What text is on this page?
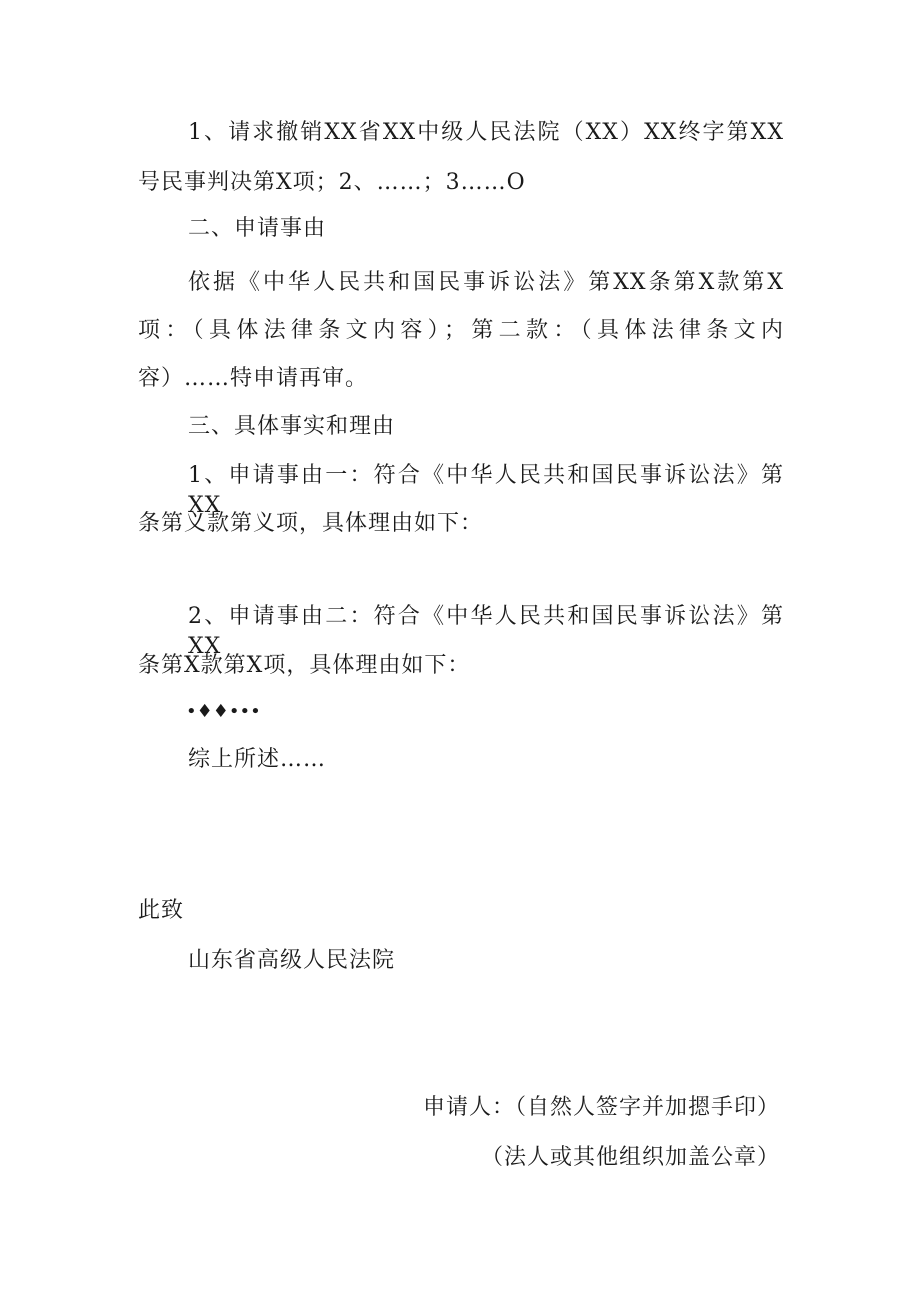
1、请求撤销XX省XX中级人民法院（XX）XX终字第XX
号民事判决第X项；2、……；3……O
二、申请事由
依据《中华人民共和国民事诉讼法》第XX条第X款第X
项：（具体法律条文内容）；第二款：（具体法律条文内
容）……特申请再审。
三、具体事实和理由
1、申请事由一：符合《中华人民共和国民事诉讼法》第XX
条第义款第义项，具体理由如下：
2、申请事由二：符合《中华人民共和国民事诉讼法》第XX
条第X款第X项，具体理由如下：
•♦♦•••
综上所述……
此致
山东省高级人民法院
申请人：（自然人签字并加摁手印）
（法人或其他组织加盖公章）
